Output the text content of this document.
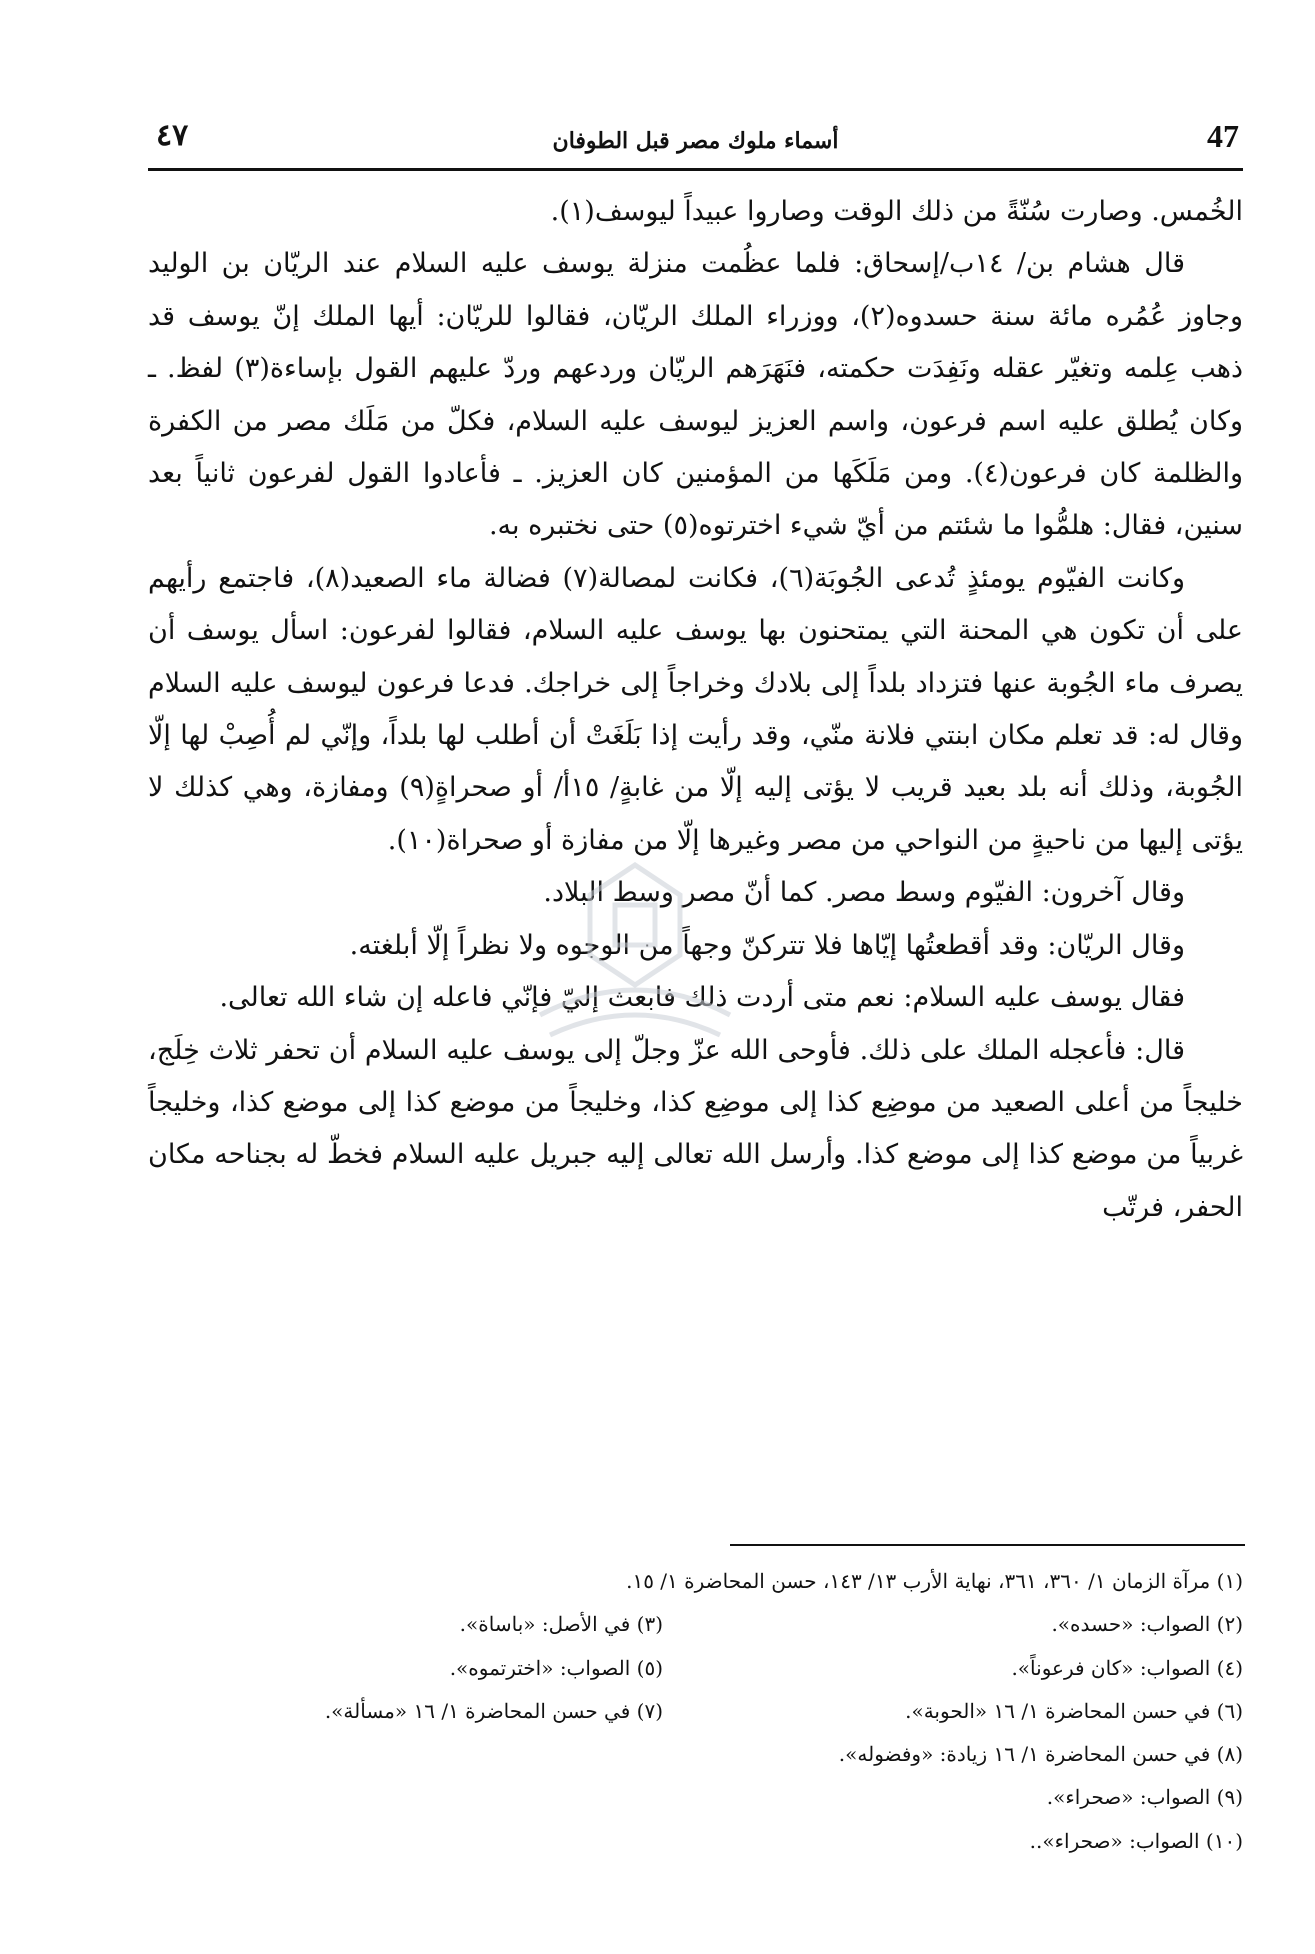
٤٧	أسماء ملوك مصر قبل الطوفان	47

الخُمس. وصارت سُنّةً من ذلك الوقت وصاروا عبيداً ليوسف(١).

قال هشام بن/ ١٤ب/إسحاق: فلما عظُمت منزلة يوسف عليه السلام عند الريّان بن الوليد وجاوز عُمُره مائة سنة حسدوه(٢)، ووزراء الملك الريّان، فقالوا للريّان: أيها الملك إنّ يوسف قد ذهب عِلمه وتغيّر عقله ونَفِدَت حكمته، فنَهَرَهم الريّان وردعهم وردّ عليهم القول بإساءة(٣) لفظ. ـ وكان يُطلق عليه اسم فرعون، واسم العزيز ليوسف عليه السلام، فكلّ من مَلَك مصر من الكفرة والظلمة كان فرعون(٤). ومن مَلَكَها من المؤمنين كان العزيز. ـ فأعادوا القول لفرعون ثانياً بعد سنين، فقال: هلمُّوا ما شئتم من أيّ شيء اخترتوه(٥) حتى نختبره به.

وكانت الفيّوم يومئذٍ تُدعى الجُوبَة(٦)، فكانت لمصالة(٧) فضالة ماء الصعيد(٨)، فاجتمع رأيهم على أن تكون هي المحنة التي يمتحنون بها يوسف عليه السلام، فقالوا لفرعون: اسأل يوسف أن يصرف ماء الجُوبة عنها فتزداد بلداً إلى بلادك وخراجاً إلى خراجك. فدعا فرعون ليوسف عليه السلام وقال له: قد تعلم مكان ابنتي فلانة منّي، وقد رأيت إذا بَلَغَتْ أن أطلب لها بلداً، وإنّي لم أُصِبْ لها إلّا الجُوبة، وذلك أنه بلد بعيد قريب لا يؤتى إليه إلّا من غابةٍ/ ١٥أ/ أو صحراةٍ(٩) ومفازة، وهي كذلك لا يؤتى إليها من ناحيةٍ من النواحي من مصر وغيرها إلّا من مفازة أو صحراة(١٠).

وقال آخرون: الفيّوم وسط مصر. كما أنّ مصر وسط البلاد.

وقال الريّان: وقد أقطعتُها إيّاها فلا تتركنّ وجهاً من الوجوه ولا نظراً إلّا أبلغته.

فقال يوسف عليه السلام: نعم متى أردت ذلك فابعث إليّ فإنّي فاعله إن شاء الله تعالى.

قال: فأعجله الملك على ذلك. فأوحى الله عزّ وجلّ إلى يوسف عليه السلام أن تحفر ثلاث خِلَج، خليجاً من أعلى الصعيد من موضِع كذا إلى موضِع كذا، وخليجاً من موضع كذا إلى موضع كذا، وخليجاً غربياً من موضع كذا إلى موضع كذا. وأرسل الله تعالى إليه جبريل عليه السلام فخطّ له بجناحه مكان الحفر، فرتّب

(١) مرآة الزمان ١/ ٣٦٠، ٣٦١، نهاية الأرب ١٣/ ١٤٣، حسن المحاضرة ١/ ١٥.
(٢) الصواب: «حسده».
(٣) في الأصل: «باساة».
(٤) الصواب: «كان فرعوناً».
(٥) الصواب: «اخترتموه».
(٦) في حسن المحاضرة ١/ ١٦ «الحوبة».
(٧) في حسن المحاضرة ١/ ١٦ «مسألة».
(٨) في حسن المحاضرة ١/ ١٦ زيادة: «وفضوله».
(٩) الصواب: «صحراء».
(١٠) الصواب: «صحراء»..
